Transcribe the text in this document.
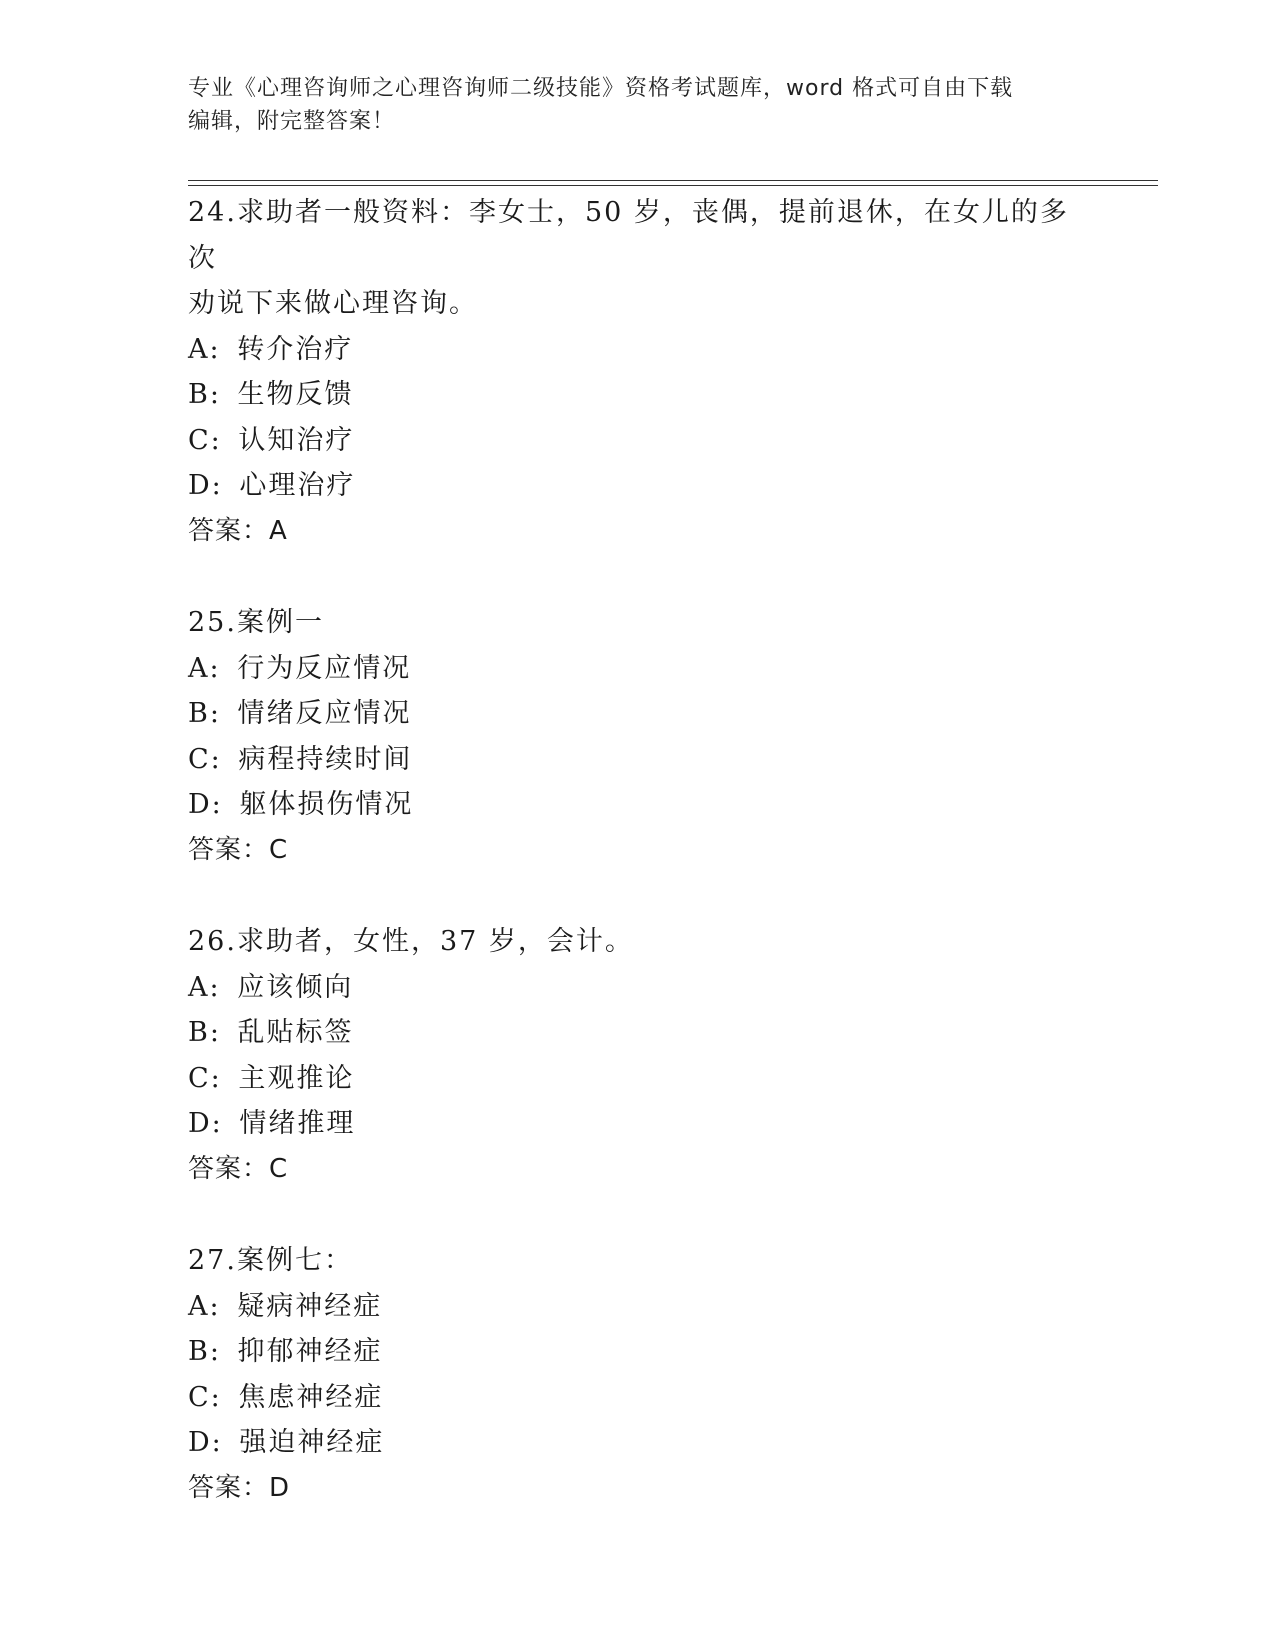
专业《心理咨询师之心理咨询师二级技能》资格考试题库，word 格式可自由下载
编辑，附完整答案！

24.求助者一般资料：李女士，50 岁，丧偶，提前退休，在女儿的多次

劝说下来做心理咨询。

A: 转介治疗

B: 生物反馈

C: 认知治疗

D: 心理治疗

答案：A

25.案例一

A: 行为反应情况

B: 情绪反应情况

C: 病程持续时间

D: 躯体损伤情况

答案：C

26.求助者，女性，37 岁，会计。

A: 应该倾向

B: 乱贴标签

C: 主观推论

D: 情绪推理

答案：C

27.案例七：

A: 疑病神经症

B: 抑郁神经症

C: 焦虑神经症

D: 强迫神经症

答案：D
